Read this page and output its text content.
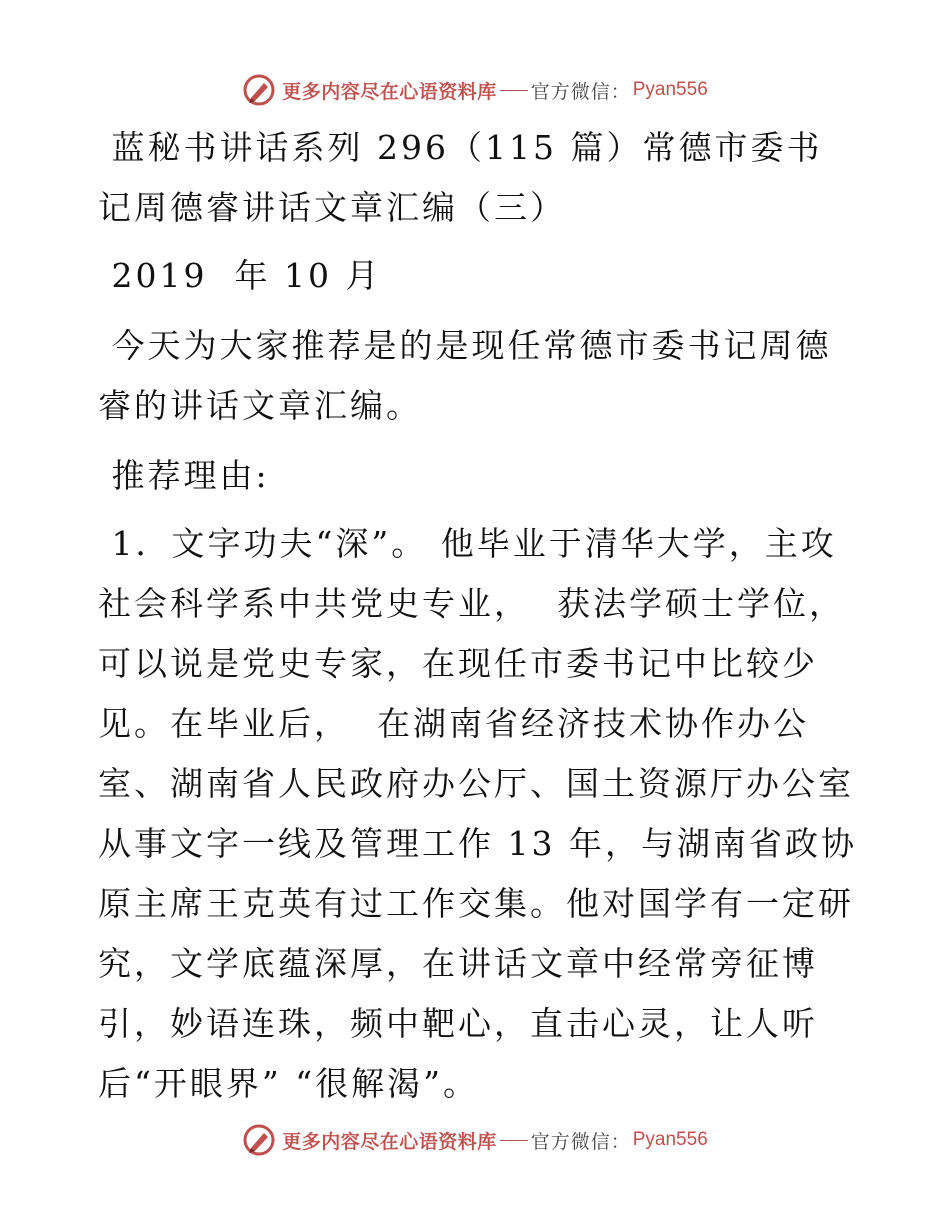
更多内容尽在心语资料库 官方微信： Pyan556

蓝秘书讲话系列 296（115 篇）常德市委书记周德睿讲话文章汇编（三）

2019  年 10 月

今天为大家推荐是的是现任常德市委书记周德睿的讲话文章汇编。

推荐理由:

1．文字功夫“深”。 他毕业于清华大学，主攻社会科学系中共党史专业，  获法学硕士学位，可以说是党史专家，在现任市委书记中比较少见。在毕业后，  在湖南省经济技术协作办公室、湖南省人民政府办公厅、国土资源厅办公室从事文字一线及管理工作 13 年，与湖南省政协原主席王克英有过工作交集。他对国学有一定研究，文学底蕴深厚，在讲话文章中经常旁征博引，妙语连珠，频中靶心，直击心灵，让人听后“开眼界” “很解渴”。

更多内容尽在心语资料库 官方微信： Pyan556
